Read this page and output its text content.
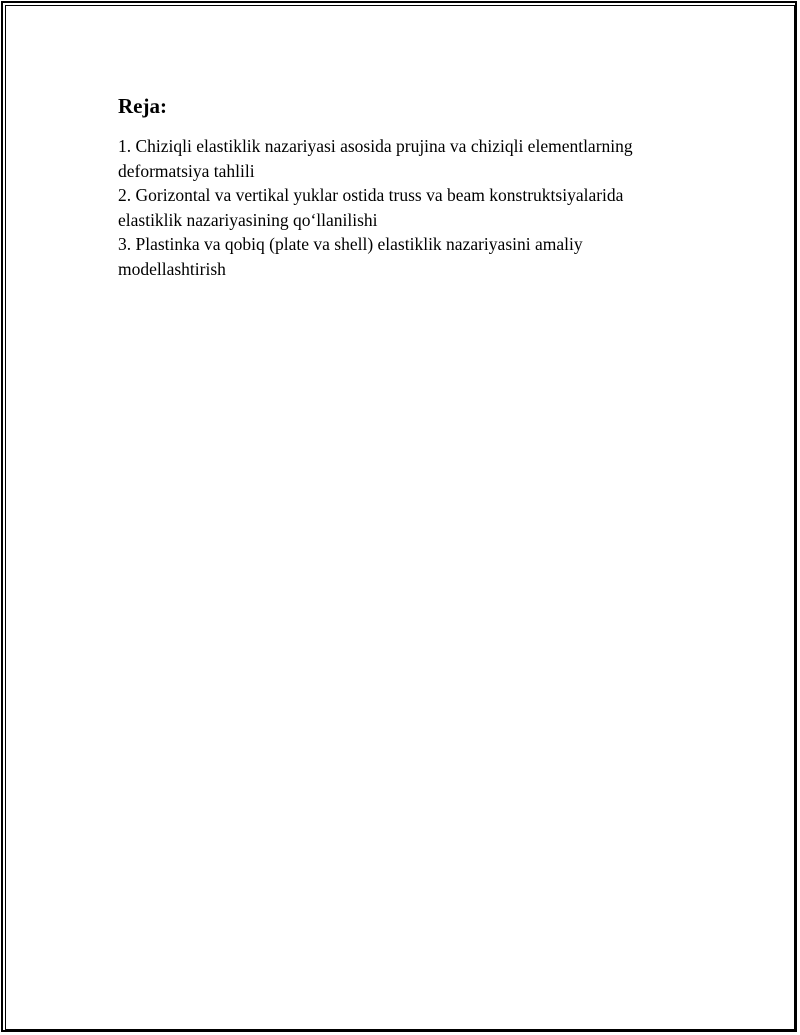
Reja:

1. Chiziqli elastiklik nazariyasi asosida prujina va chiziqli elementlarning deformatsiya tahlili

2. Gorizontal va vertikal yuklar ostida truss va beam konstruktsiyalarida elastiklik nazariyasining qo‘llanilishi

3. Plastinka va qobiq (plate va shell) elastiklik nazariyasini amaliy modellashtirish
